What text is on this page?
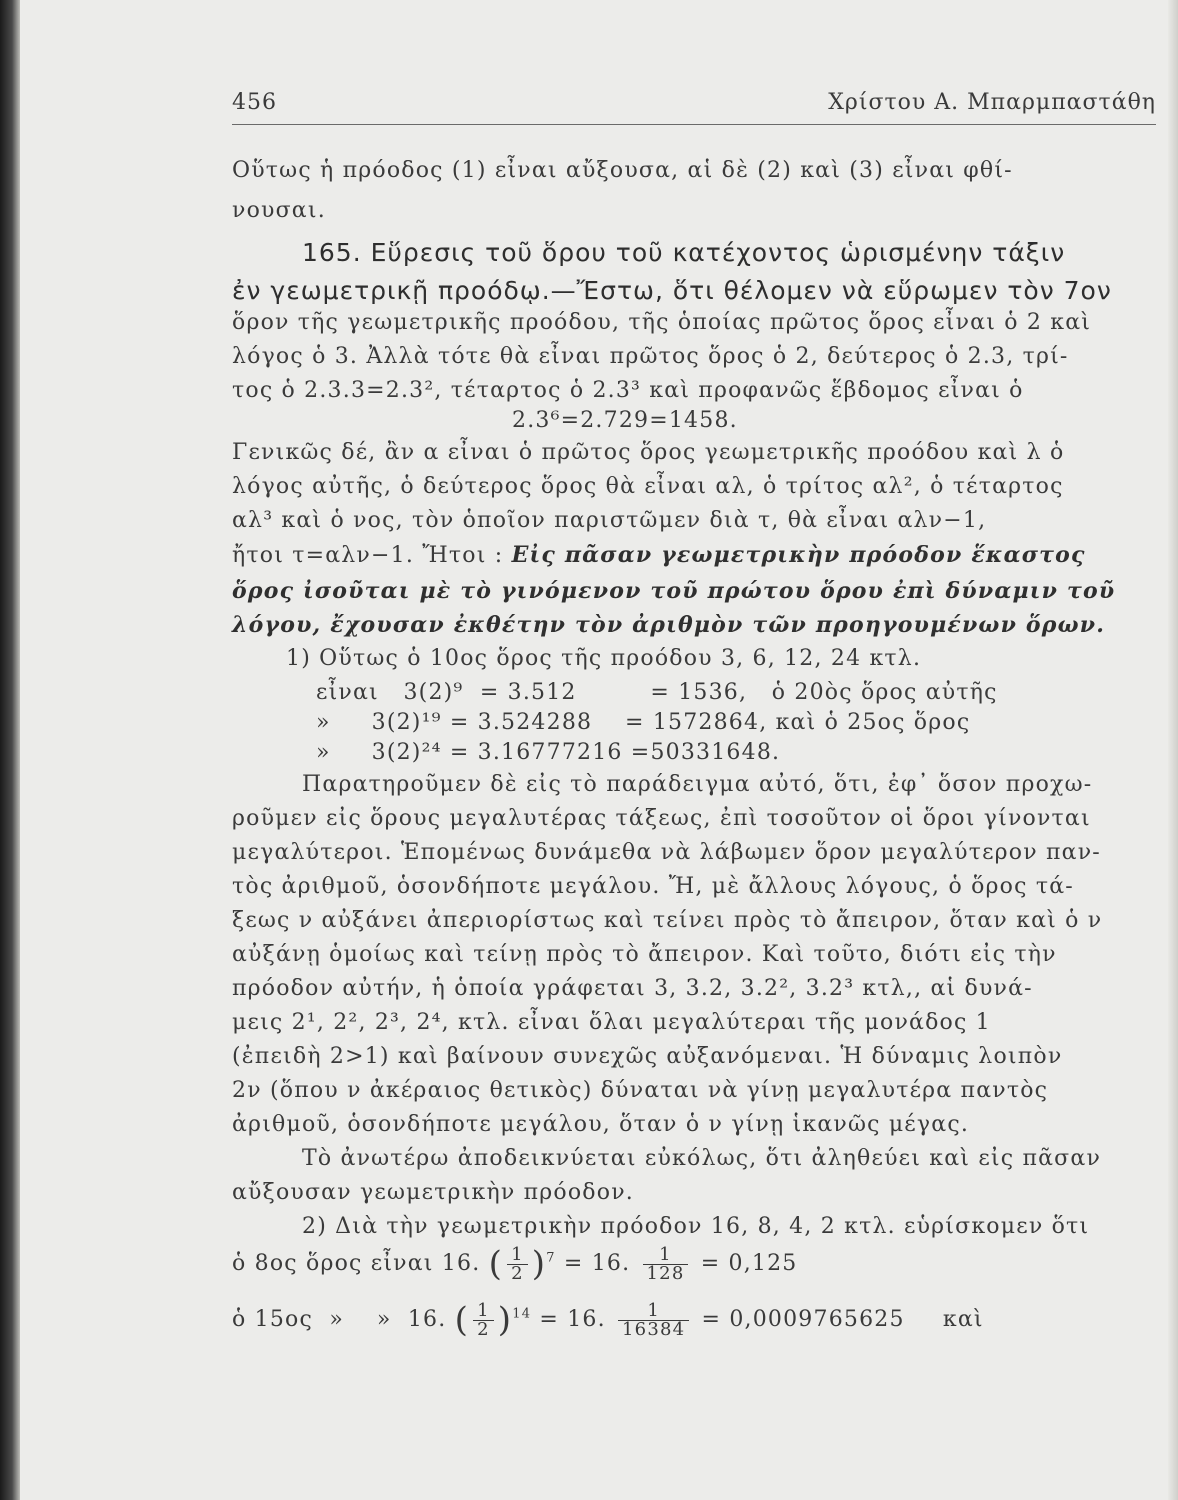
456	Χρίστου Α. Μπαρμπαστάθη
Οὕτως ἡ πρόοδος (1) εἶναι αὔξουσα, αἱ δὲ (2) καὶ (3) εἶναι φθί-
νουσαι.
165. Εὕρεσις τοῦ ὅρου τοῦ κατέχοντος ὡρισμένην τάξιν
ἐν γεωμετρικῇ προόδῳ.—Ἔστω, ὅτι θέλομεν νὰ εὕρωμεν τὸν 7ον
ὅρον τῆς γεωμετρικῆς προόδου, τῆς ὁποίας πρῶτος ὅρος εἶναι ὁ 2 καὶ
λόγος ὁ 3. Ἀλλὰ τότε θὰ εἶναι πρῶτος ὅρος ὁ 2, δεύτερος ὁ 2.3, τρί-
τος ὁ 2.3.3=2.3², τέταρτος ὁ 2.3³ καὶ προφανῶς ἕβδομος εἶναι ὁ
2.3⁶=2.729=1458.
Γενικῶς δέ, ἂν α εἶναι ὁ πρῶτος ὅρος γεωμετρικῆς προόδου καὶ λ ὁ
λόγος αὐτῆς, ὁ δεύτερος ὅρος θὰ εἶναι αλ, ὁ τρίτος αλ², ὁ τέταρτος
αλ³ καὶ ὁ νος, τὸν ὁποῖον παριστῶμεν διὰ τ, θὰ εἶναι αλν−1,
ἤτοι τ=αλν−1. Ἤτοι : Εἰς πᾶσαν γεωμετρικὴν πρόοδον ἕκαστος
ὅρος ἰσοῦται μὲ τὸ γινόμενον τοῦ πρώτου ὅρου ἐπὶ δύναμιν τοῦ
λόγου, ἔχουσαν ἐκθέτην τὸν ἀριθμὸν τῶν προηγουμένων ὅρων.
1) Οὕτως ὁ 10ος ὅρος τῆς προόδου 3, 6, 12, 24 κτλ.
εἶναι   3(2)⁹  = 3.512         = 1536,   ὁ 20ὸς ὅρος αὐτῆς
»     3(2)¹⁹ = 3.524288    = 1572864, καὶ ὁ 25ος ὅρος
»     3(2)²⁴ = 3.16777216 =50331648.
Παρατηροῦμεν δὲ εἰς τὸ παράδειγμα αὐτό, ὅτι, ἐφ᾽ ὅσον προχω-
ροῦμεν εἰς ὅρους μεγαλυτέρας τάξεως, ἐπὶ τοσοῦτον οἱ ὅροι γίνονται
μεγαλύτεροι. Ἑπομένως δυνάμεθα νὰ λάβωμεν ὅρον μεγαλύτερον παν-
τὸς ἀριθμοῦ, ὁσονδήποτε μεγάλου. Ἤ, μὲ ἄλλους λόγους, ὁ ὅρος τά-
ξεως ν αὐξάνει ἀπεριορίστως καὶ τείνει πρὸς τὸ ἄπειρον, ὅταν καὶ ὁ ν
αὐξάνῃ ὁμοίως καὶ τείνῃ πρὸς τὸ ἄπειρον. Καὶ τοῦτο, διότι εἰς τὴν
πρόοδον αὐτήν, ἡ ὁποία γράφεται 3, 3.2, 3.2², 3.2³ κτλ,, αἱ δυνά-
μεις 2¹, 2², 2³, 2⁴, κτλ. εἶναι ὅλαι μεγαλύτεραι τῆς μονάδος 1
(ἐπειδὴ 2>1) καὶ βαίνουν συνεχῶς αὐξανόμεναι. Ἡ δύναμις λοιπὸν
2ν (ὅπου ν ἀκέραιος θετικὸς) δύναται νὰ γίνῃ μεγαλυτέρα παντὸς
ἀριθμοῦ, ὁσονδήποτε μεγάλου, ὅταν ὁ ν γίνῃ ἱκανῶς μέγας.
Τὸ ἀνωτέρω ἀποδεικνύεται εὐκόλως, ὅτι ἀληθεύει καὶ εἰς πᾶσαν
αὔξουσαν γεωμετρικὴν πρόοδον.
2) Διὰ τὴν γεωμετρικὴν πρόοδον 16, 8, 4, 2 κτλ. εὑρίσκομεν ὅτι
ὁ 8ος ὅρος εἶναι 16. ( $\frac{1}{2} )^7 = 16$. $\frac{1}{128} = 0,125$
ὁ 15ος  »    »  16. ( $\frac{1}{2} )^{14} = 16$. $\frac{1}{16384} = 0,0009765625$ καὶ
